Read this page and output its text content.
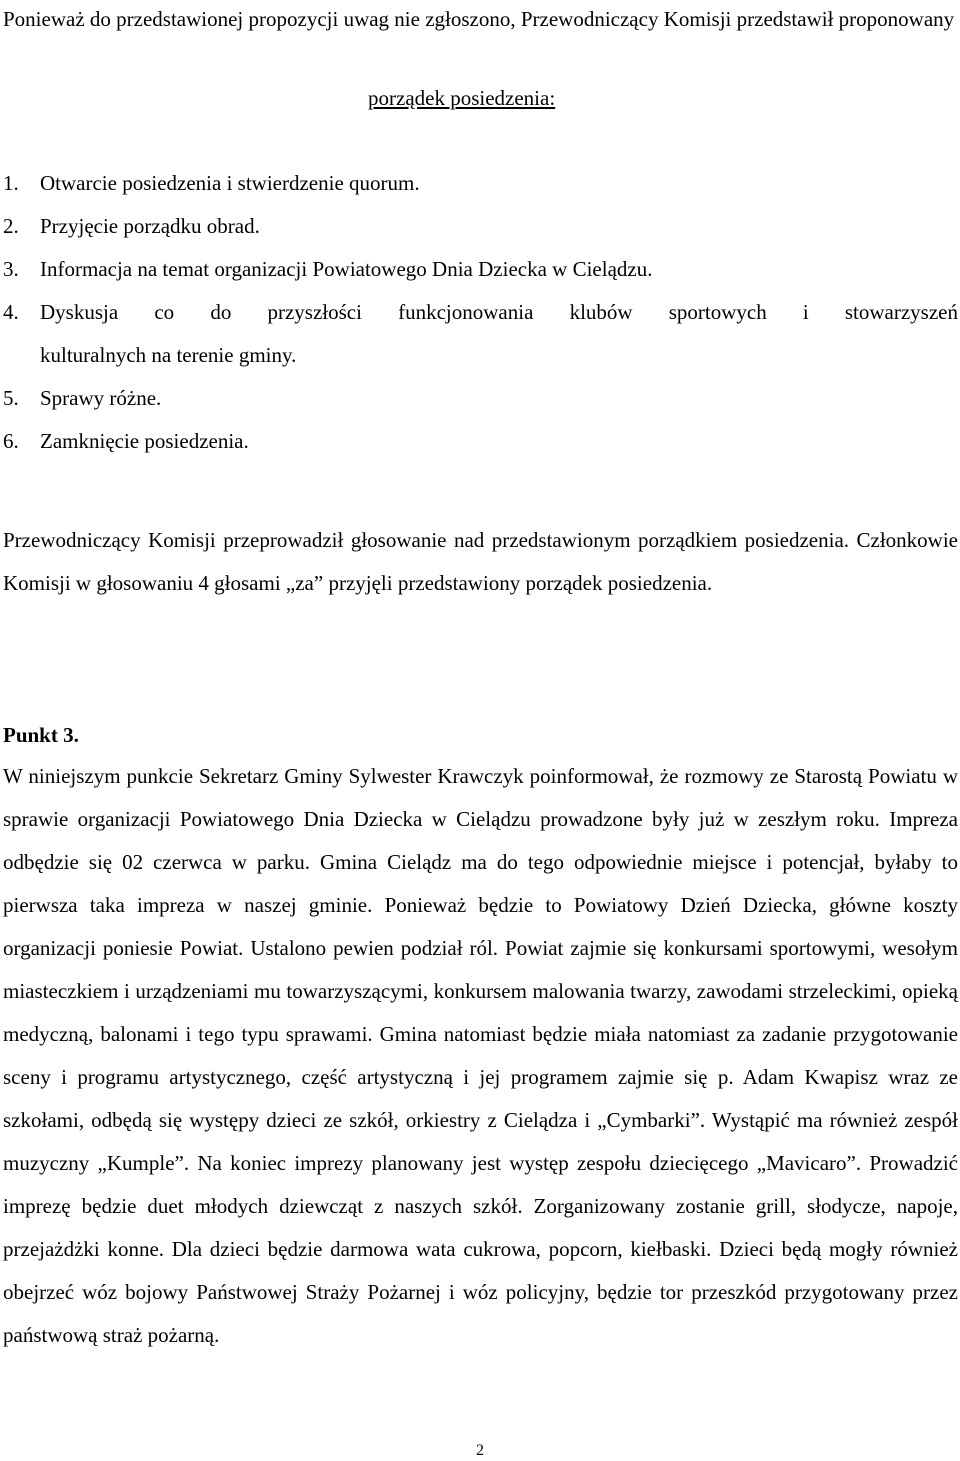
Ponieważ do przedstawionej propozycji uwag nie zgłoszono, Przewodniczący Komisji przedstawił proponowany

porządek posiedzenia:

1.	Otwarcie posiedzenia i stwierdzenie quorum.
2.	Przyjęcie porządku obrad.
3.	Informacja na temat organizacji Powiatowego Dnia Dziecka w Cielądzu.
4.	Dyskusja co do przyszłości funkcjonowania klubów sportowych i stowarzyszeń
kulturalnych na terenie gminy.
5.	Sprawy różne.
6.	Zamknięcie posiedzenia.

Przewodniczący Komisji przeprowadził głosowanie nad przedstawionym porządkiem posiedzenia. Członkowie Komisji w głosowaniu 4 głosami „za” przyjęli przedstawiony porządek posiedzenia.

Punkt 3.

W niniejszym punkcie Sekretarz Gminy Sylwester Krawczyk poinformował, że rozmowy ze Starostą Powiatu w sprawie organizacji Powiatowego Dnia Dziecka w Cielądzu prowadzone były już w zeszłym roku. Impreza odbędzie się 02 czerwca w parku. Gmina Cielądz ma do tego odpowiednie miejsce i potencjał, byłaby to pierwsza taka impreza w naszej gminie. Ponieważ będzie to Powiatowy Dzień Dziecka, główne koszty organizacji poniesie Powiat. Ustalono pewien podział ról. Powiat zajmie się konkursami sportowymi, wesołym miasteczkiem i urządzeniami mu towarzyszącymi, konkursem malowania twarzy, zawodami strzeleckimi, opieką medyczną, balonami i tego typu sprawami. Gmina natomiast będzie miała natomiast za zadanie przygotowanie sceny i programu artystycznego, część artystyczną i jej programem zajmie się p. Adam Kwapisz wraz ze szkołami, odbędą się występy dzieci ze szkół, orkiestry z Cielądza i „Cymbarki”. Wystąpić ma również zespół muzyczny „Kumple”. Na koniec imprezy planowany jest występ zespołu dziecięcego „Mavicaro”. Prowadzić imprezę będzie duet młodych dziewcząt z naszych szkół. Zorganizowany zostanie grill, słodycze, napoje, przejażdżki konne. Dla dzieci będzie darmowa wata cukrowa, popcorn, kiełbaski. Dzieci będą mogły również obejrzeć wóz bojowy Państwowej Straży Pożarnej i wóz policyjny, będzie tor przeszkód przygotowany przez państwową straż pożarną.

2
